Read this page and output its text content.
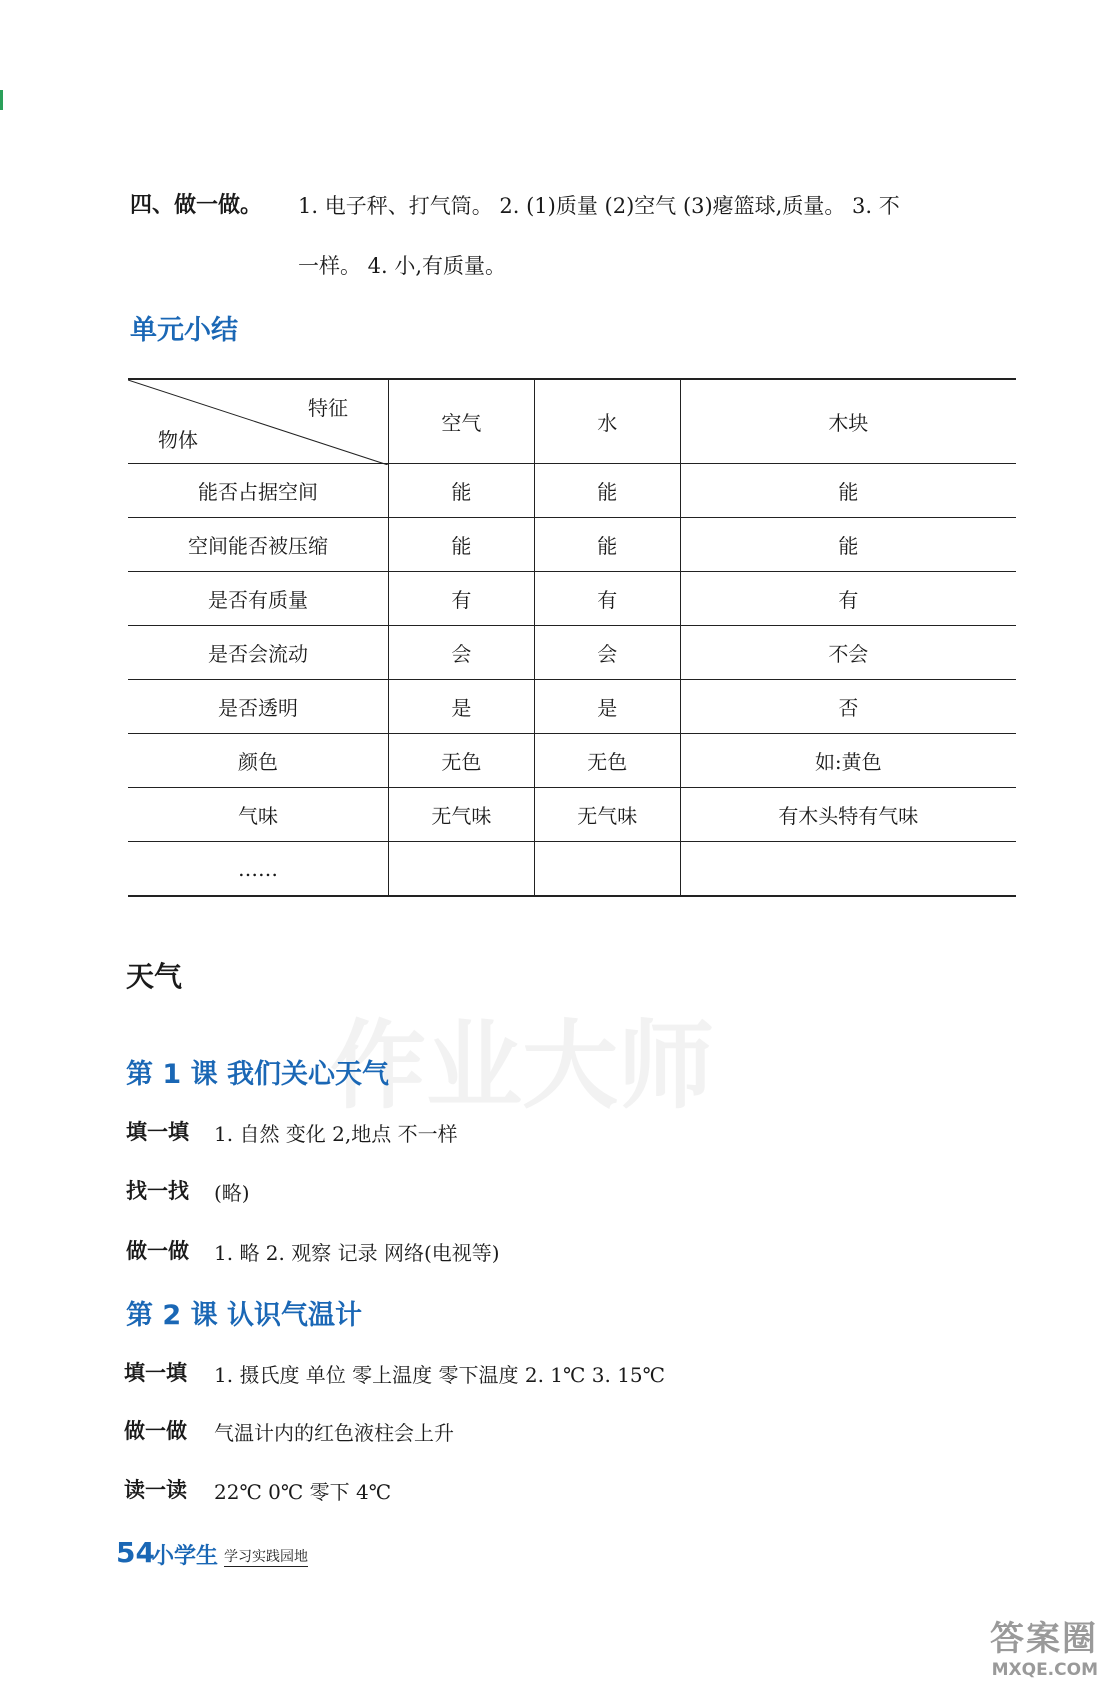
作业大师
四、做一做。 1. 电子秤、打气筒。 2. (1)质量 (2)空气 (3)瘪篮球,质量。 3. 不
一样。 4. 小,有质量。
单元小结
特征
物体	空气	水	木块
能否占据空间	能	能	能
空间能否被压缩	能	能	能
是否有质量	有	有	有
是否会流动	会	会	不会
是否透明	是	是	否
颜色	无色	无色	如:黄色
气味	无气味	无气味	有木头特有气味
……			
天气
第 1 课 我们关心天气
填一填 1. 自然 变化 2,地点 不一样
找一找 (略)
做一做 1. 略 2. 观察 记录 网络(电视等)
第 2 课 认识气温计
填一填 1. 摄氏度 单位 零上温度 零下温度 2. 1℃ 3. 15℃
做一做 气温计内的红色液柱会上升
读一读 22℃ 0℃ 零下 4℃
54
小学生 学习实践园地
答案圈
MXQE.COM
